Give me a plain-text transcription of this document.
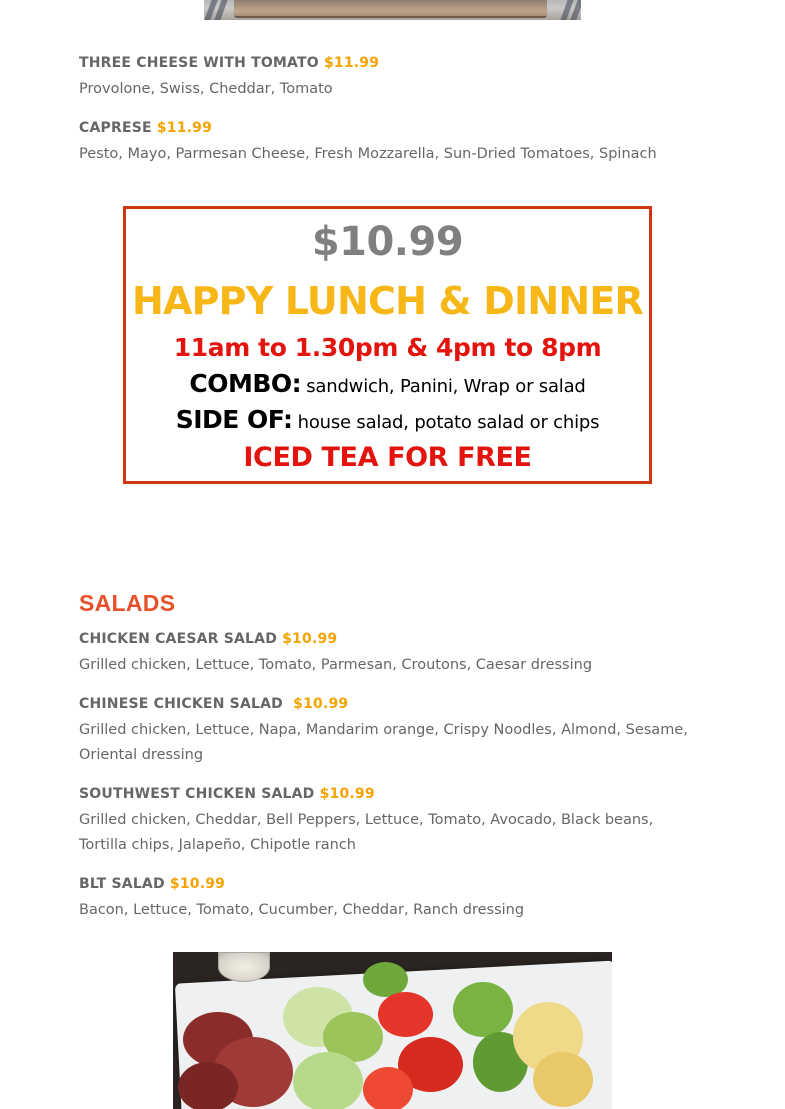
THREE CHEESE WITH TOMATO $11.99
Provolone, Swiss, Cheddar, Tomato
CAPRESE $11.99
Pesto, Mayo, Parmesan Cheese, Fresh Mozzarella, Sun-Dried Tomatoes, Spinach
$10.99
HAPPY LUNCH & DINNER
11am to 1.30pm & 4pm to 8pm
COMBO: sandwich, Panini, Wrap or salad
SIDE OF: house salad, potato salad or chips
ICED TEA FOR FREE
SALADS
CHICKEN CAESAR SALAD $10.99
Grilled chicken, Lettuce, Tomato, Parmesan, Croutons, Caesar dressing
CHINESE CHICKEN SALAD $10.99
Grilled chicken, Lettuce, Napa, Mandarim orange, Crispy Noodles, Almond, Sesame, Oriental dressing
SOUTHWEST CHICKEN SALAD $10.99
Grilled chicken, Cheddar, Bell Peppers, Lettuce, Tomato, Avocado, Black beans, Tortilla chips, Jalapeño, Chipotle ranch
BLT SALAD $10.99
Bacon, Lettuce, Tomato, Cucumber, Cheddar, Ranch dressing
